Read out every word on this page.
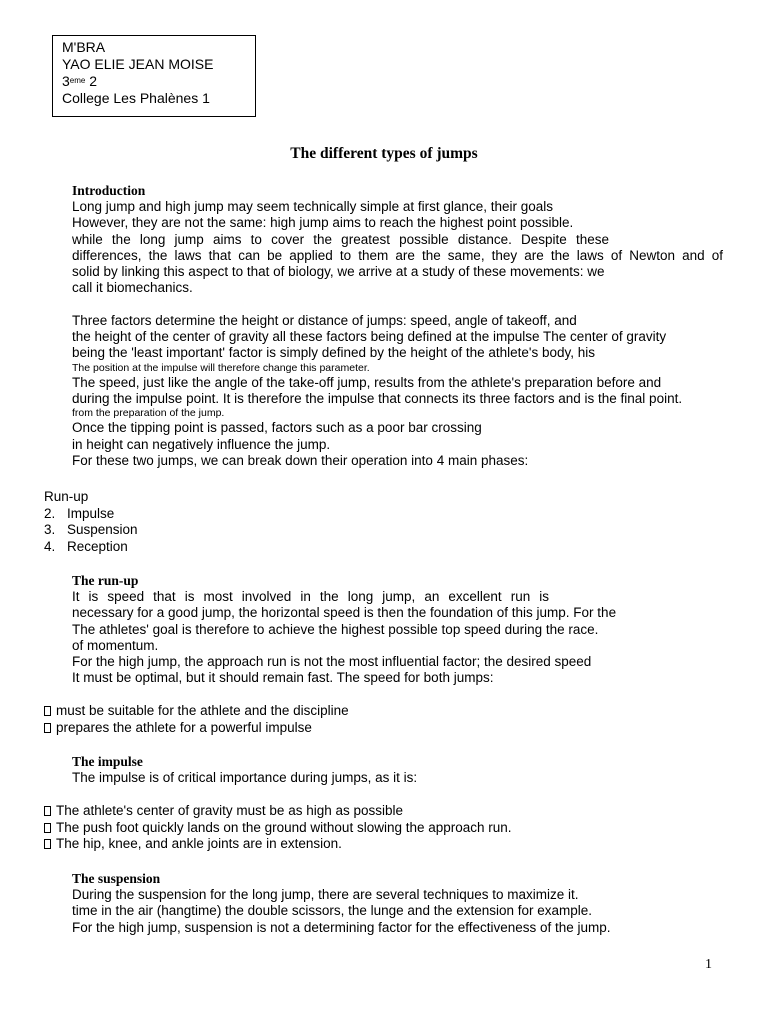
M'BRA
YAO ELIE JEAN MOISE
3eme 2
College Les Phalènes 1
The different types of jumps
Introduction
Long jump and high jump may seem technically simple at first glance, their goals
However, they are not the same: high jump aims to reach the highest point possible.
while the long jump aims to cover the greatest possible distance. Despite these
differences, the laws that can be applied to them are the same, they are the laws of Newton and of
solid by linking this aspect to that of biology, we arrive at a study of these movements: we
call it biomechanics.
Three factors determine the height or distance of jumps: speed, angle of takeoff, and
the height of the center of gravity all these factors being defined at the impulse The center of gravity
being the 'least important' factor is simply defined by the height of the athlete's body, his
The position at the impulse will therefore change this parameter.
The speed, just like the angle of the take-off jump, results from the athlete's preparation before and
during the impulse point. It is therefore the impulse that connects its three factors and is the final point.
from the preparation of the jump.
Once the tipping point is passed, factors such as a poor bar crossing
in height can negatively influence the jump.
For these two jumps, we can break down their operation into 4 main phases:
Run-up
2. Impulse
3. Suspension
4. Reception
The run-up
It is speed that is most involved in the long jump, an excellent run is
necessary for a good jump, the horizontal speed is then the foundation of this jump. For the
The athletes' goal is therefore to achieve the highest possible top speed during the race.
of momentum.
For the high jump, the approach run is not the most influential factor; the desired speed
It must be optimal, but it should remain fast. The speed for both jumps:
must be suitable for the athlete and the discipline
prepares the athlete for a powerful impulse
The impulse
The impulse is of critical importance during jumps, as it is:
The athlete's center of gravity must be as high as possible
The push foot quickly lands on the ground without slowing the approach run.
The hip, knee, and ankle joints are in extension.
The suspension
During the suspension for the long jump, there are several techniques to maximize it.
time in the air (hangtime) the double scissors, the lunge and the extension for example.
For the high jump, suspension is not a determining factor for the effectiveness of the jump.
1
